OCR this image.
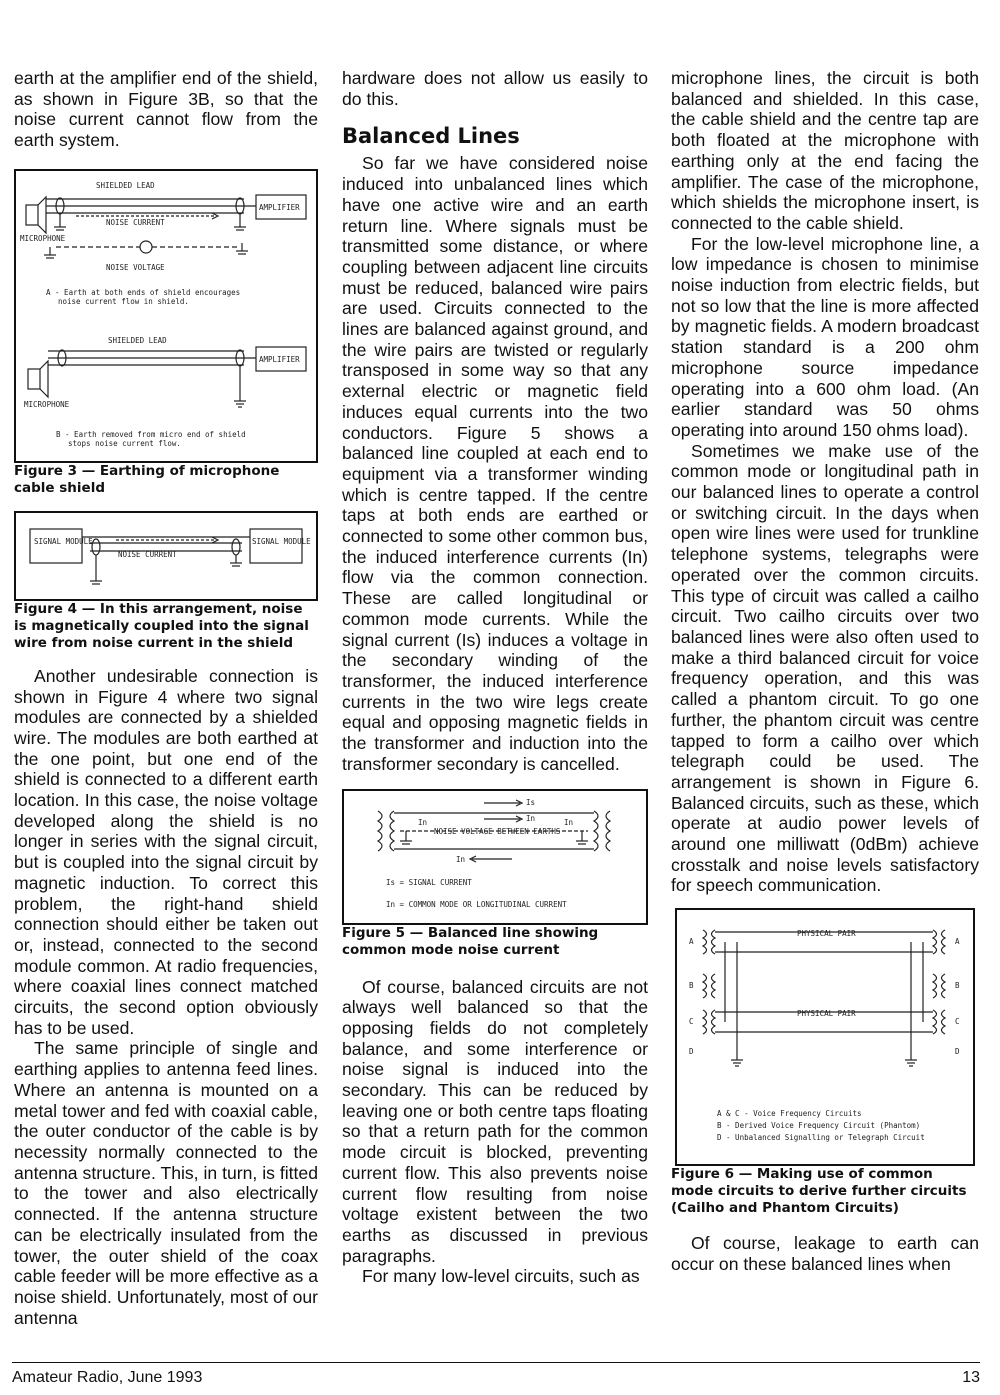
earth at the amplifier end of the shield, as shown in Figure 3B, so that the noise current cannot flow from the earth system.

SHIELDED LEAD
NOISE CURRENT
AMPLIFIER
MICROPHONE
NOISE VOLTAGE
A - Earth at both ends of shield encourages
noise current flow in shield.
SHIELDED LEAD
AMPLIFIER
MICROPHONE
B - Earth removed from micro end of shield
stops noise current flow.

Figure 3 — Earthing of microphone cable shield

SIGNAL MODULE
NOISE CURRENT
SIGNAL MODULE

Figure 4 — In this arrangement, noise is magnetically coupled into the signal wire from noise current in the shield

Another undesirable connection is shown in Figure 4 where two signal modules are connected by a shielded wire. The modules are both earthed at the one point, but one end of the shield is connected to a different earth location. In this case, the noise voltage developed along the shield is no longer in series with the signal circuit, but is coupled into the signal circuit by magnetic induction. To correct this problem, the right-hand shield connection should either be taken out or, instead, connected to the second module common. At radio frequencies, where coaxial lines connect matched circuits, the second option obviously has to be used.

The same principle of single and earthing applies to antenna feed lines. Where an antenna is mounted on a metal tower and fed with coaxial cable, the outer conductor of the cable is by necessity normally connected to the antenna structure. This, in turn, is fitted to the tower and also electrically connected. If the antenna structure can be electrically insulated from the tower, the outer shield of the coax cable feeder will be more effective as a noise shield. Unfortunately, most of our antenna

hardware does not allow us easily to do this.

Balanced Lines

So far we have considered noise induced into unbalanced lines which have one active wire and an earth return line. Where signals must be transmitted some distance, or where coupling between adjacent line circuits must be reduced, balanced wire pairs are used. Circuits connected to the lines are balanced against ground, and the wire pairs are twisted or regularly transposed in some way so that any external electric or magnetic field induces equal currents into the two conductors. Figure 5 shows a balanced line coupled at each end to equipment via a transformer winding which is centre tapped. If the centre taps at both ends are earthed or connected to some other common bus, the induced interference currents (In) flow via the common connection. These are called longitudinal or common mode currents. While the signal current (Is) induces a voltage in the secondary winding of the transformer, the induced interference currents in the two wire legs create equal and opposing magnetic fields in the transformer and induction into the transformer secondary is cancelled.

Is
In
In	In
NOISE VOLTAGE BETWEEN EARTHS
In
Is = SIGNAL CURRENT
In = COMMON MODE OR LONGITUDINAL CURRENT

Figure 5 — Balanced line showing common mode noise current

Of course, balanced circuits are not always well balanced so that the opposing fields do not completely balance, and some interference or noise signal is induced into the secondary. This can be reduced by leaving one or both centre taps floating so that a return path for the common mode circuit is blocked, preventing current flow. This also prevents noise current flow resulting from noise voltage existent between the two earths as discussed in previous paragraphs.

For many low-level circuits, such as

microphone lines, the circuit is both balanced and shielded. In this case, the cable shield and the centre tap are both floated at the microphone with earthing only at the end facing the amplifier. The case of the microphone, which shields the microphone insert, is connected to the cable shield.

For the low-level microphone line, a low impedance is chosen to minimise noise induction from electric fields, but not so low that the line is more affected by magnetic fields. A modern broadcast station standard is a 200 ohm microphone source impedance operating into a 600 ohm load. (An earlier standard was 50 ohms operating into around 150 ohms load).

Sometimes we make use of the common mode or longitudinal path in our balanced lines to operate a control or switching circuit. In the days when open wire lines were used for trunkline telephone systems, telegraphs were operated over the common circuits. This type of circuit was called a cailho circuit. Two cailho circuits over two balanced lines were also often used to make a third balanced circuit for voice frequency operation, and this was called a phantom circuit. To go one further, the phantom circuit was centre tapped to form a cailho over which telegraph could be used. The arrangement is shown in Figure 6. Balanced circuits, such as these, which operate at audio power levels of around one milliwatt (0dBm) achieve crosstalk and noise levels satisfactory for speech communication.

PHYSICAL PAIR
PHYSICAL PAIR
A
B
C
D
A
B
C
D
A & C - Voice Frequency Circuits
B - Derived Voice Frequency Circuit (Phantom)
D - Unbalanced Signalling or Telegraph Circuit

Figure 6 — Making use of common mode circuits to derive further circuits (Cailho and Phantom Circuits)

Of course, leakage to earth can occur on these balanced lines when

Amateur Radio, June 1993	13
